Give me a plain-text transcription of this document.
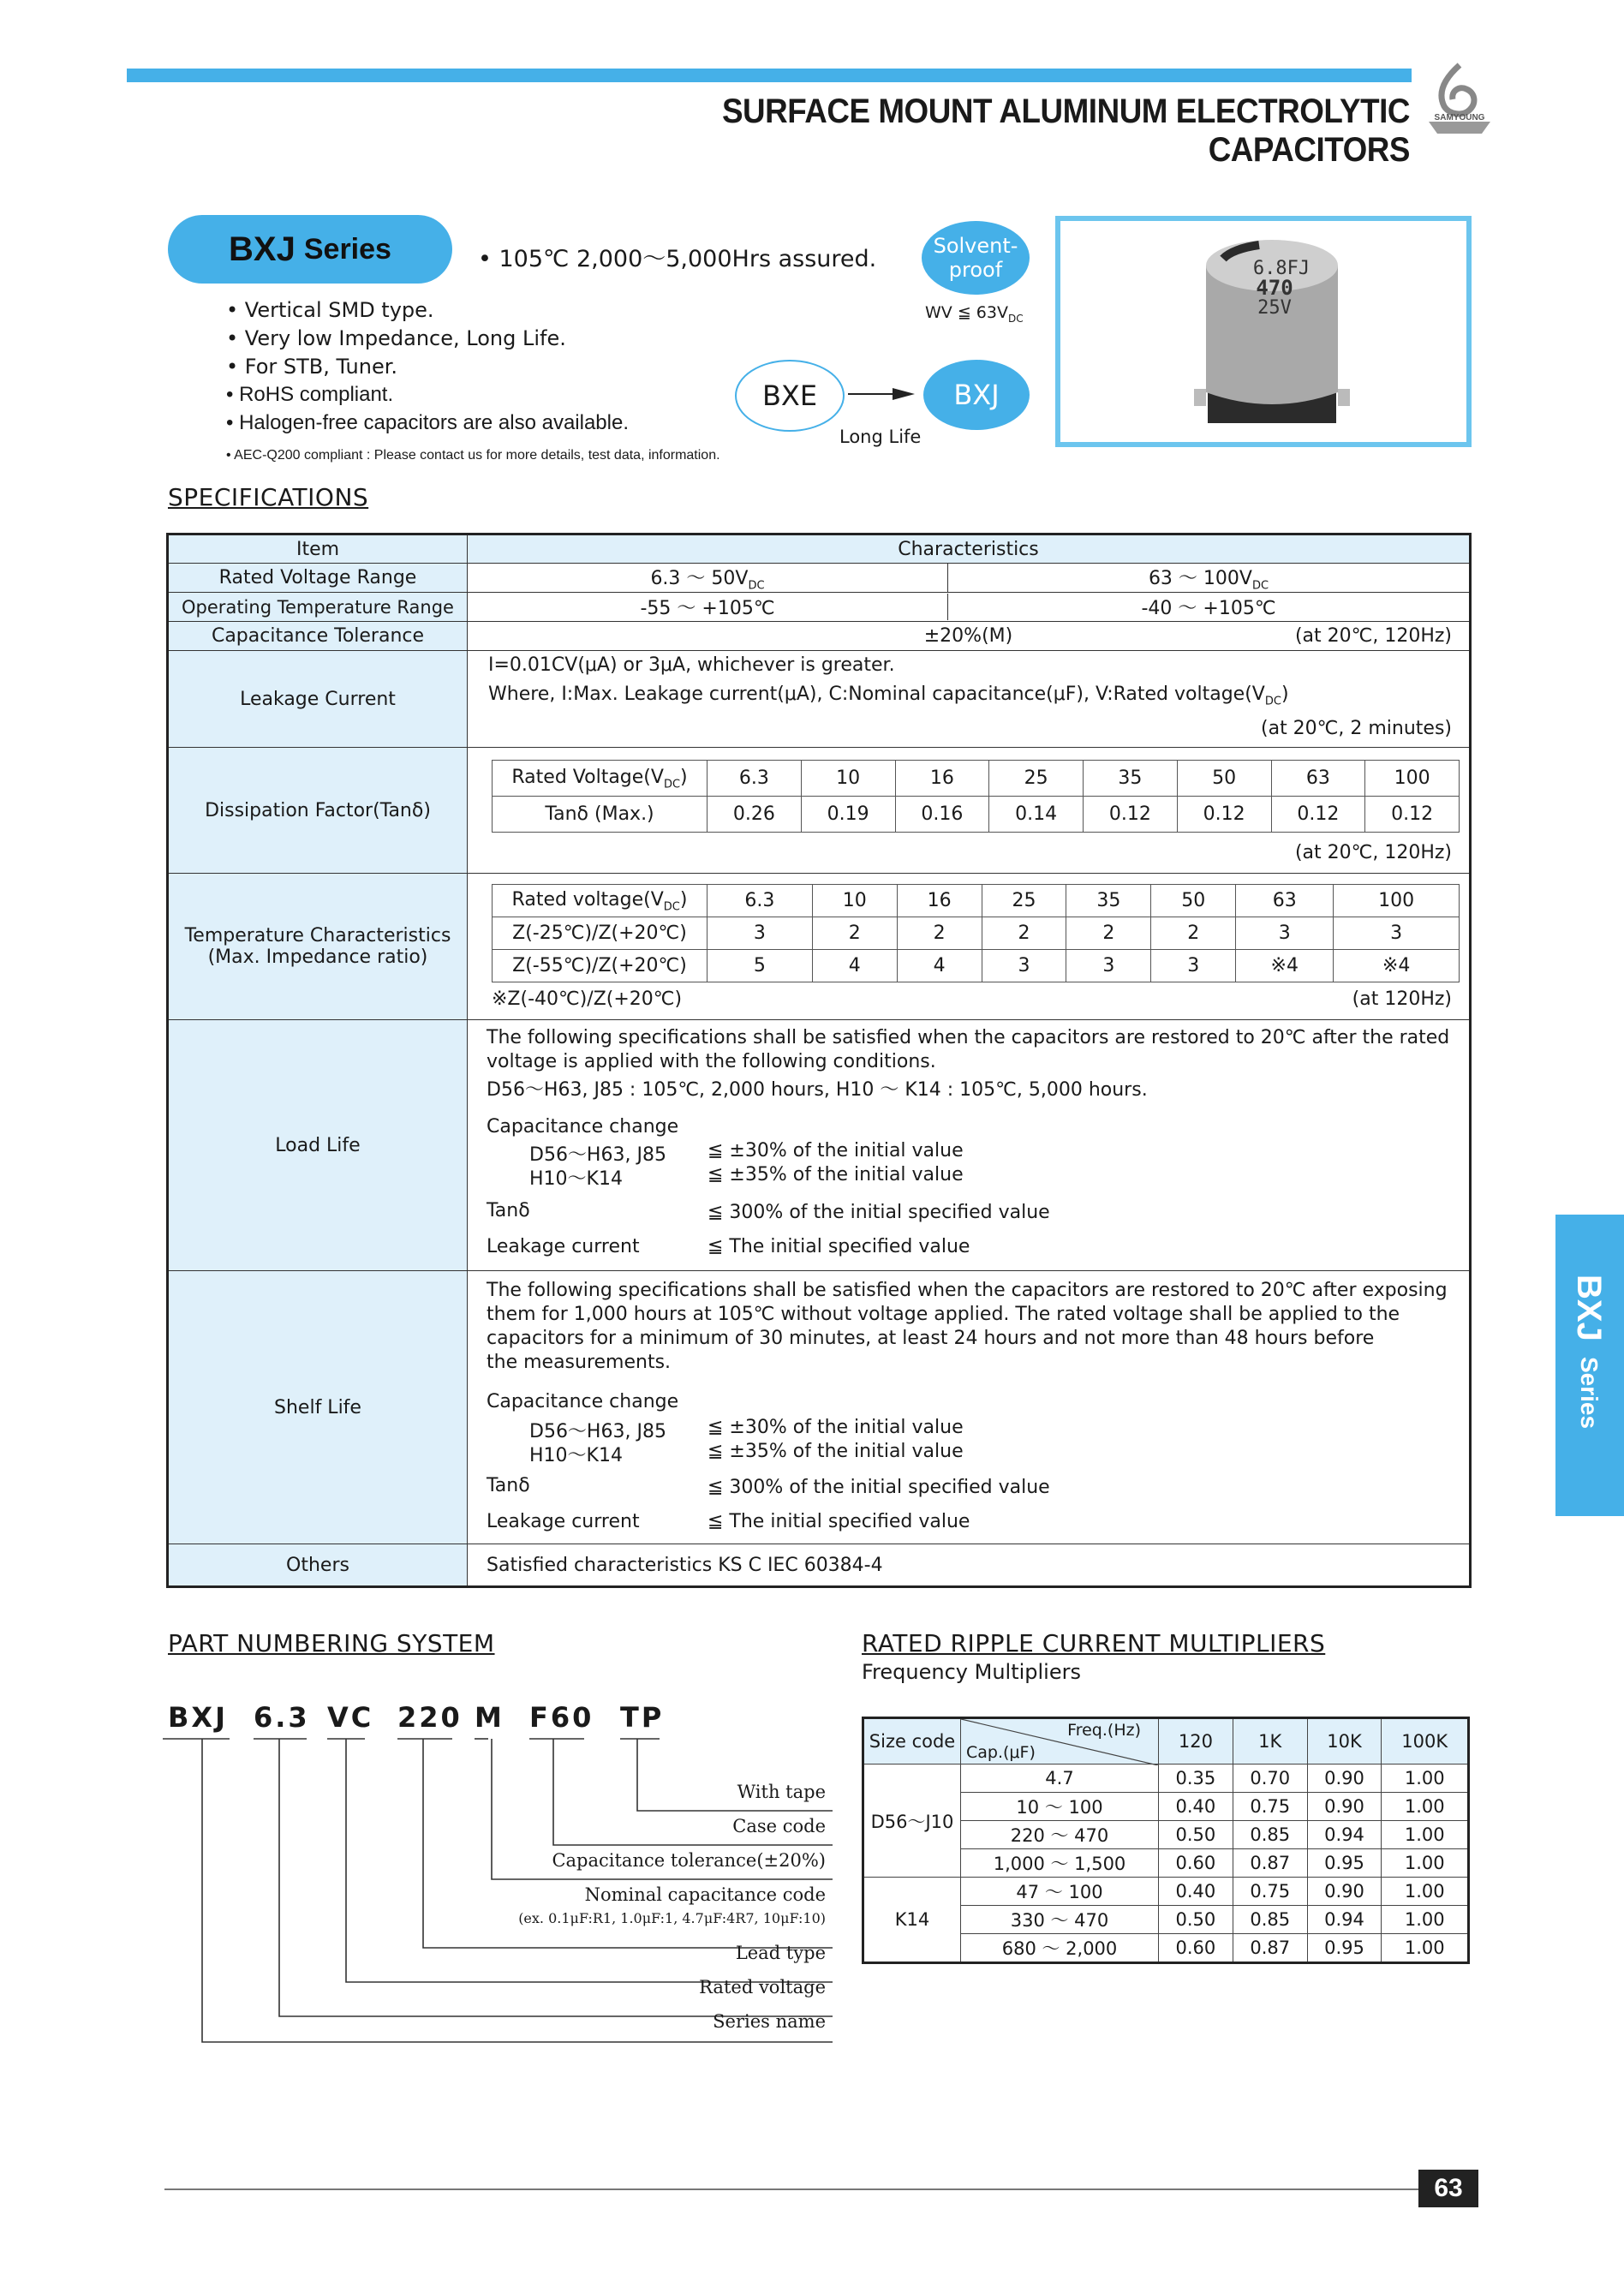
SURFACE MOUNT ALUMINUM ELECTROLYTIC CAPACITORS
SAMYOUNG
BXJ Series	• 105℃ 2,000～5,000Hrs assured.
• Vertical SMD type.
• Very low Impedance, Long Life.
• For STB, Tuner.
• RoHS compliant.
• Halogen-free capacitors are also available.
• AEC-Q200 compliant : Please contact us for more details, test data, information.
Solvent-
proof
WV ≦ $63V_{DC}$
BXE	BXJ
Long Life
6.8FJ
470
25V
SPECIFICATIONS
Item	Characteristics
Rated Voltage Range	6.3 ～ $50V_{DC}$	63 ～ $100V_{DC}$

Operating Temperature Range	-55 ～ +105℃	-40 ～ +105℃

Capacitance Tolerance	±20%(M)	(at 20℃, 120Hz)

Leakage Current	
I=0.01CV(μA) or 3μA, whichever is greater.
Where, I:Max. Leakage current(μA), C:Nominal capacitance(μF), V:Rated $voltage(V_{DC})$
(at 20℃, 2 minutes)

Dissipation Factor(Tanδ)	
Rated $Voltage(V_{DC})$	6.3	10	16	25	35	50	63	100
Tanδ (Max.)	0.26	0.19	0.16	0.14	0.12	0.12	0.12	0.12
(at 20℃, 120Hz)

Temperature Characteristics
(Max. Impedance ratio)

Rated $voltage(V_{DC})$	6.3	10	16	25	35	50	63	100
Z(-25℃)/Z(+20℃)	3	2	2	2	2	2	3	3
Z(-55℃)/Z(+20℃)	5	4	4	3	3	3	※4	※4
※Z(-40℃)/Z(+20℃)	(at 120Hz)

Load Life	
The following specifications shall be satisfied when the capacitors are restored to 20℃ after the rated
voltage is applied with the following conditions.
D56～H63, J85 : 105℃, 2,000 hours, H10 ～ K14 : 105℃, 5,000 hours.
Capacitance change
D56～H63, J85 ≦ ±30% of the initial value
H10～K14	≦ ±35% of the initial value
Tanδ	≦ 300% of the initial specified value
Leakage current	≦ The initial specified value

Shelf Life	
The following specifications shall be satisfied when the capacitors are restored to 20℃ after exposing
them for 1,000 hours at 105℃ without voltage applied. The rated voltage shall be applied to the
capacitors for a minimum of 30 minutes, at least 24 hours and not more than 48 hours before
the measurements.
Capacitance change
D56～H63, J85 ≦ ±30% of the initial value
H10～K14	≦ ±35% of the initial value
Tanδ	≦ 300% of the initial specified value
Leakage current	≦ The initial specified value

Others	Satisfied characteristics KS C IEC 60384-4
PART NUMBERING SYSTEM
BXJ 6.3 VC 220 M F60 TP
With tape
Case code
Capacitance tolerance(±20%)
Nominal capacitance code
(ex. 0.1μF:R1, 1.0μF:1, 4.7μF:4R7, 10μF:10)
Lead type
Rated voltage
Series name
RATED RIPPLE CURRENT MULTIPLIERS
Frequency Multipliers
Size code	Freq.(Hz)
Cap.(μF)	120	1K	10K	100K
D56～J10	4.7	0.35	0.70	0.90	1.00
	10 ～ 100	0.40	0.75	0.90	1.00
	220 ～ 470	0.50	0.85	0.94	1.00
	1,000 ～ 1,500	0.60	0.87	0.95	1.00
K14	47 ～ 100	0.40	0.75	0.90	1.00
	330 ～ 470	0.50	0.85	0.94	1.00
	680 ～ 2,000	0.60	0.87	0.95	1.00
BXJ Series
63
